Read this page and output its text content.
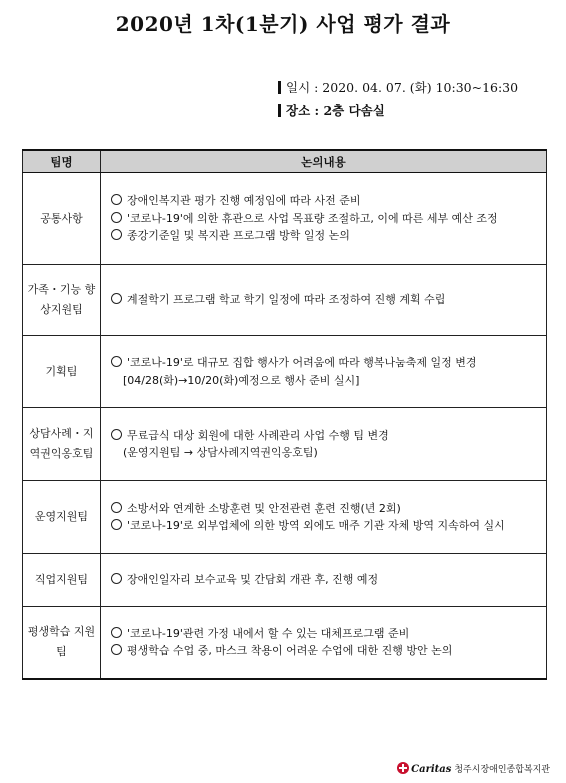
2020년 1차(1분기) 사업 평가 결과
일시 : 2020. 04. 07. (화) 10:30~16:30
장소 : 2층 다솜실
팀명	논의내용
공통사항	장애인복지관 평가 진행 예정임에 따라 사전 준비
'코로나-19'에 의한 휴관으로 사업 목표량 조절하고, 이에 따른 세부 예산 조정
종강기준일 및 복지관 프로그램 방학 일정 논의

가족・기능 향상지원팀	계절학기 프로그램 학교 학기 일정에 따라 조정하여 진행 계획 수립

기획팀	'코로나-19'로 대규모 집합 행사가 어려움에 따라 행복나눔축제 일정 변경
[04/28(화)→10/20(화)예정으로 행사 준비 실시]

상담사례・지 역권익옹호팀	무료급식 대상 회원에 대한 사례관리 사업 수행 팀 변경
(운영지원팀 → 상담사례지역권익옹호팀)

운영지원팀	소방서와 연계한 소방훈련 및 안전관련 훈련 진행(년 2회)
'코로나-19'로 외부업체에 의한 방역 외에도 매주 기관 자체 방역 지속하여 실시

직업지원팀	장애인일자리 보수교육 및 간담회 개관 후, 진행 예정

평생학습 지원팀	'코로나-19'관련 가정 내에서 할 수 있는 대체프로그램 준비
평생학습 수업 중, 마스크 착용이 어려운 수업에 대한 진행 방안 논의
Caritas 청주시장애인종합복지관
